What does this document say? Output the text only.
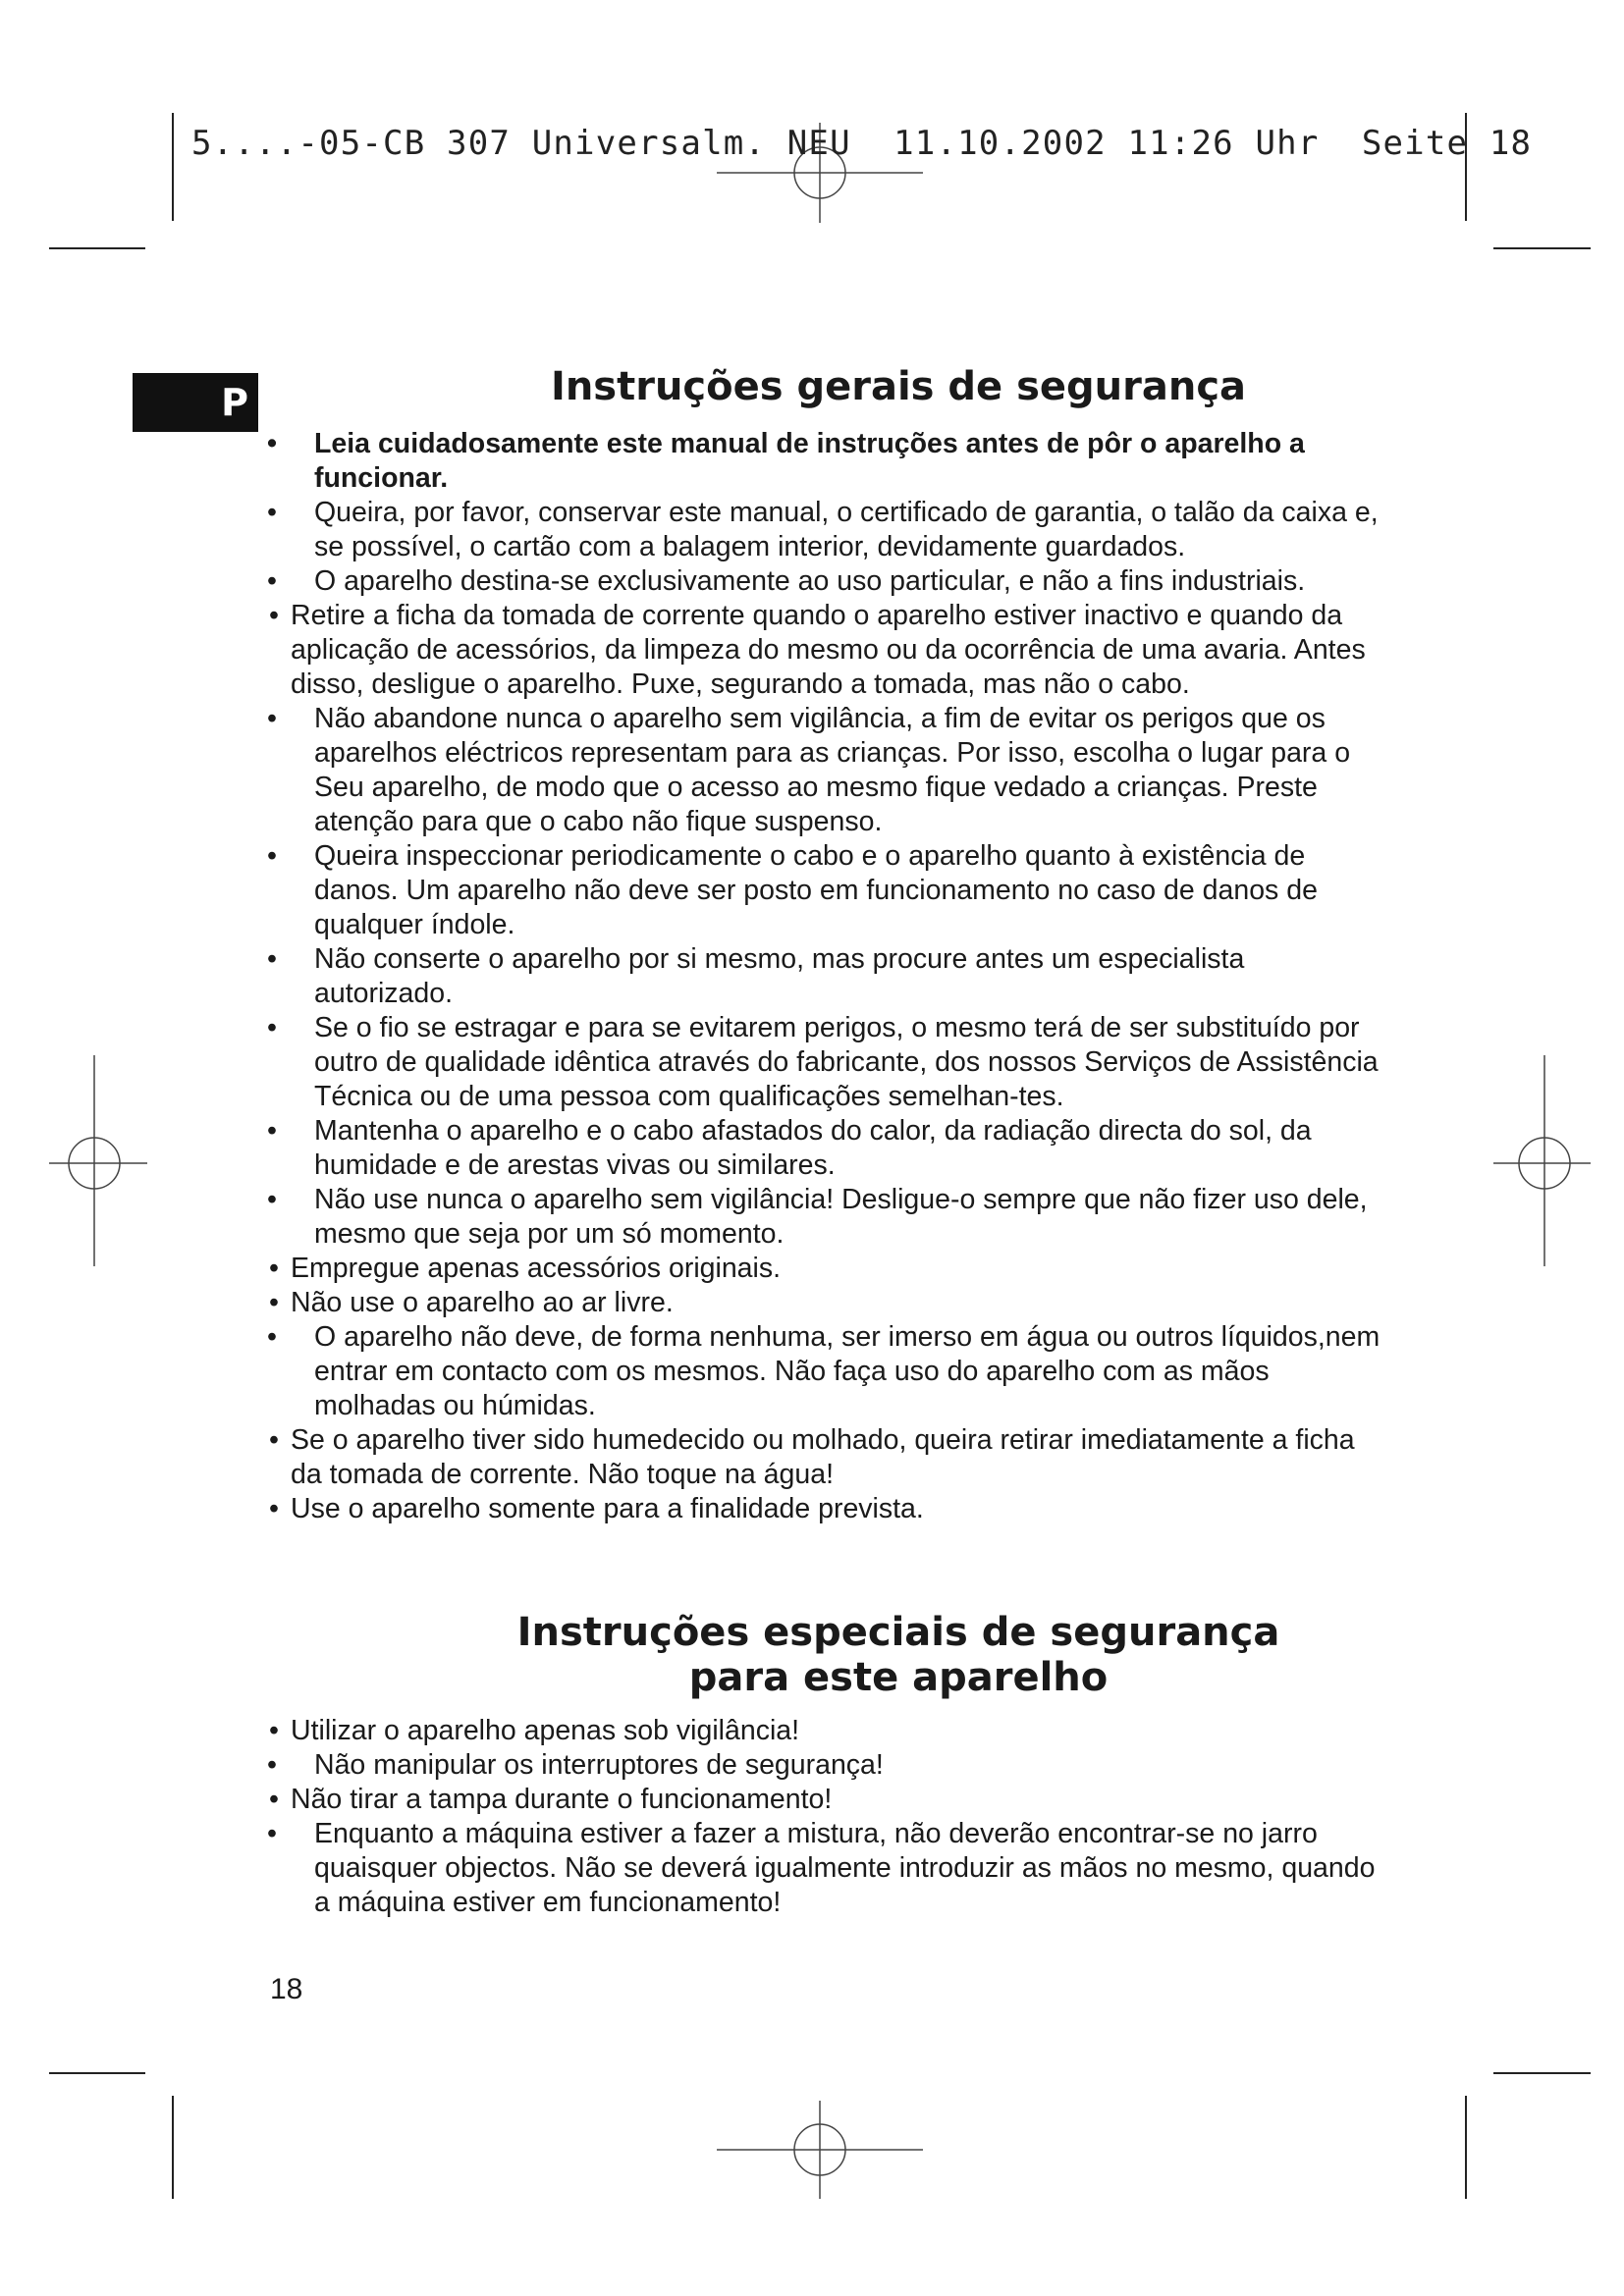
5....-05-CB 307 Universalm. NEU  11.10.2002 11:26 Uhr  Seite 18
P	Instruções gerais de segurança
• Leia cuidadosamente este manual de instruções antes de pôr o aparelho a funcionar.
• Queira, por favor, conservar este manual, o certificado de garantia, o talão da caixa e, se possível, o cartão com a balagem interior, devidamente guardados.
• O aparelho destina-se exclusivamente ao uso particular, e não a fins industriais.
• Retire a ficha da tomada de corrente quando o aparelho estiver inactivo e quando da aplicação de acessórios, da limpeza do mesmo ou da ocorrência de uma avaria. Antes disso, desligue o aparelho. Puxe, segurando a tomada, mas não o cabo.
• Não abandone nunca o aparelho sem vigilância, a fim de evitar os perigos que os aparelhos eléctricos representam para as crianças. Por isso, escolha o lugar para o Seu aparelho, de modo que o acesso ao mesmo fique vedado a crianças. Preste atenção para que o cabo não fique suspenso.
• Queira inspeccionar periodicamente o cabo e o aparelho quanto à existência de danos. Um aparelho não deve ser posto em funcionamento no caso de danos de qualquer índole.
• Não conserte o aparelho por si mesmo, mas procure antes um especialista autorizado.
• Se o fio se estragar e para se evitarem perigos, o mesmo terá de ser substituído por outro de qualidade idêntica através do fabricante, dos nossos Serviços de Assistência Técnica ou de uma pessoa com qualificações semelhan-tes.
• Mantenha o aparelho e o cabo afastados do calor, da radiação directa do sol, da humidade e de arestas vivas ou similares.
• Não use nunca o aparelho sem vigilância! Desligue-o sempre que não fizer uso dele, mesmo que seja por um só momento.
• Empregue apenas acessórios originais.
• Não use o aparelho ao ar livre.
• O aparelho não deve, de forma nenhuma, ser imerso em água ou outros líquidos,nem entrar em contacto com os mesmos. Não faça uso do aparelho com as mãos molhadas ou húmidas.
• Se o aparelho tiver sido humedecido ou molhado, queira retirar imediatamente a ficha da tomada de corrente. Não toque na água!
• Use o aparelho somente para a finalidade prevista.
Instruções especiais de segurança
para este aparelho
• Utilizar o aparelho apenas sob vigilância!
• Não manipular os interruptores de segurança!
• Não tirar a tampa durante o funcionamento!
• Enquanto a máquina estiver a fazer a mistura, não deverão encontrar-se no jarro quaisquer objectos. Não se deverá igualmente introduzir as mãos no mesmo, quando a máquina estiver em funcionamento!
18
